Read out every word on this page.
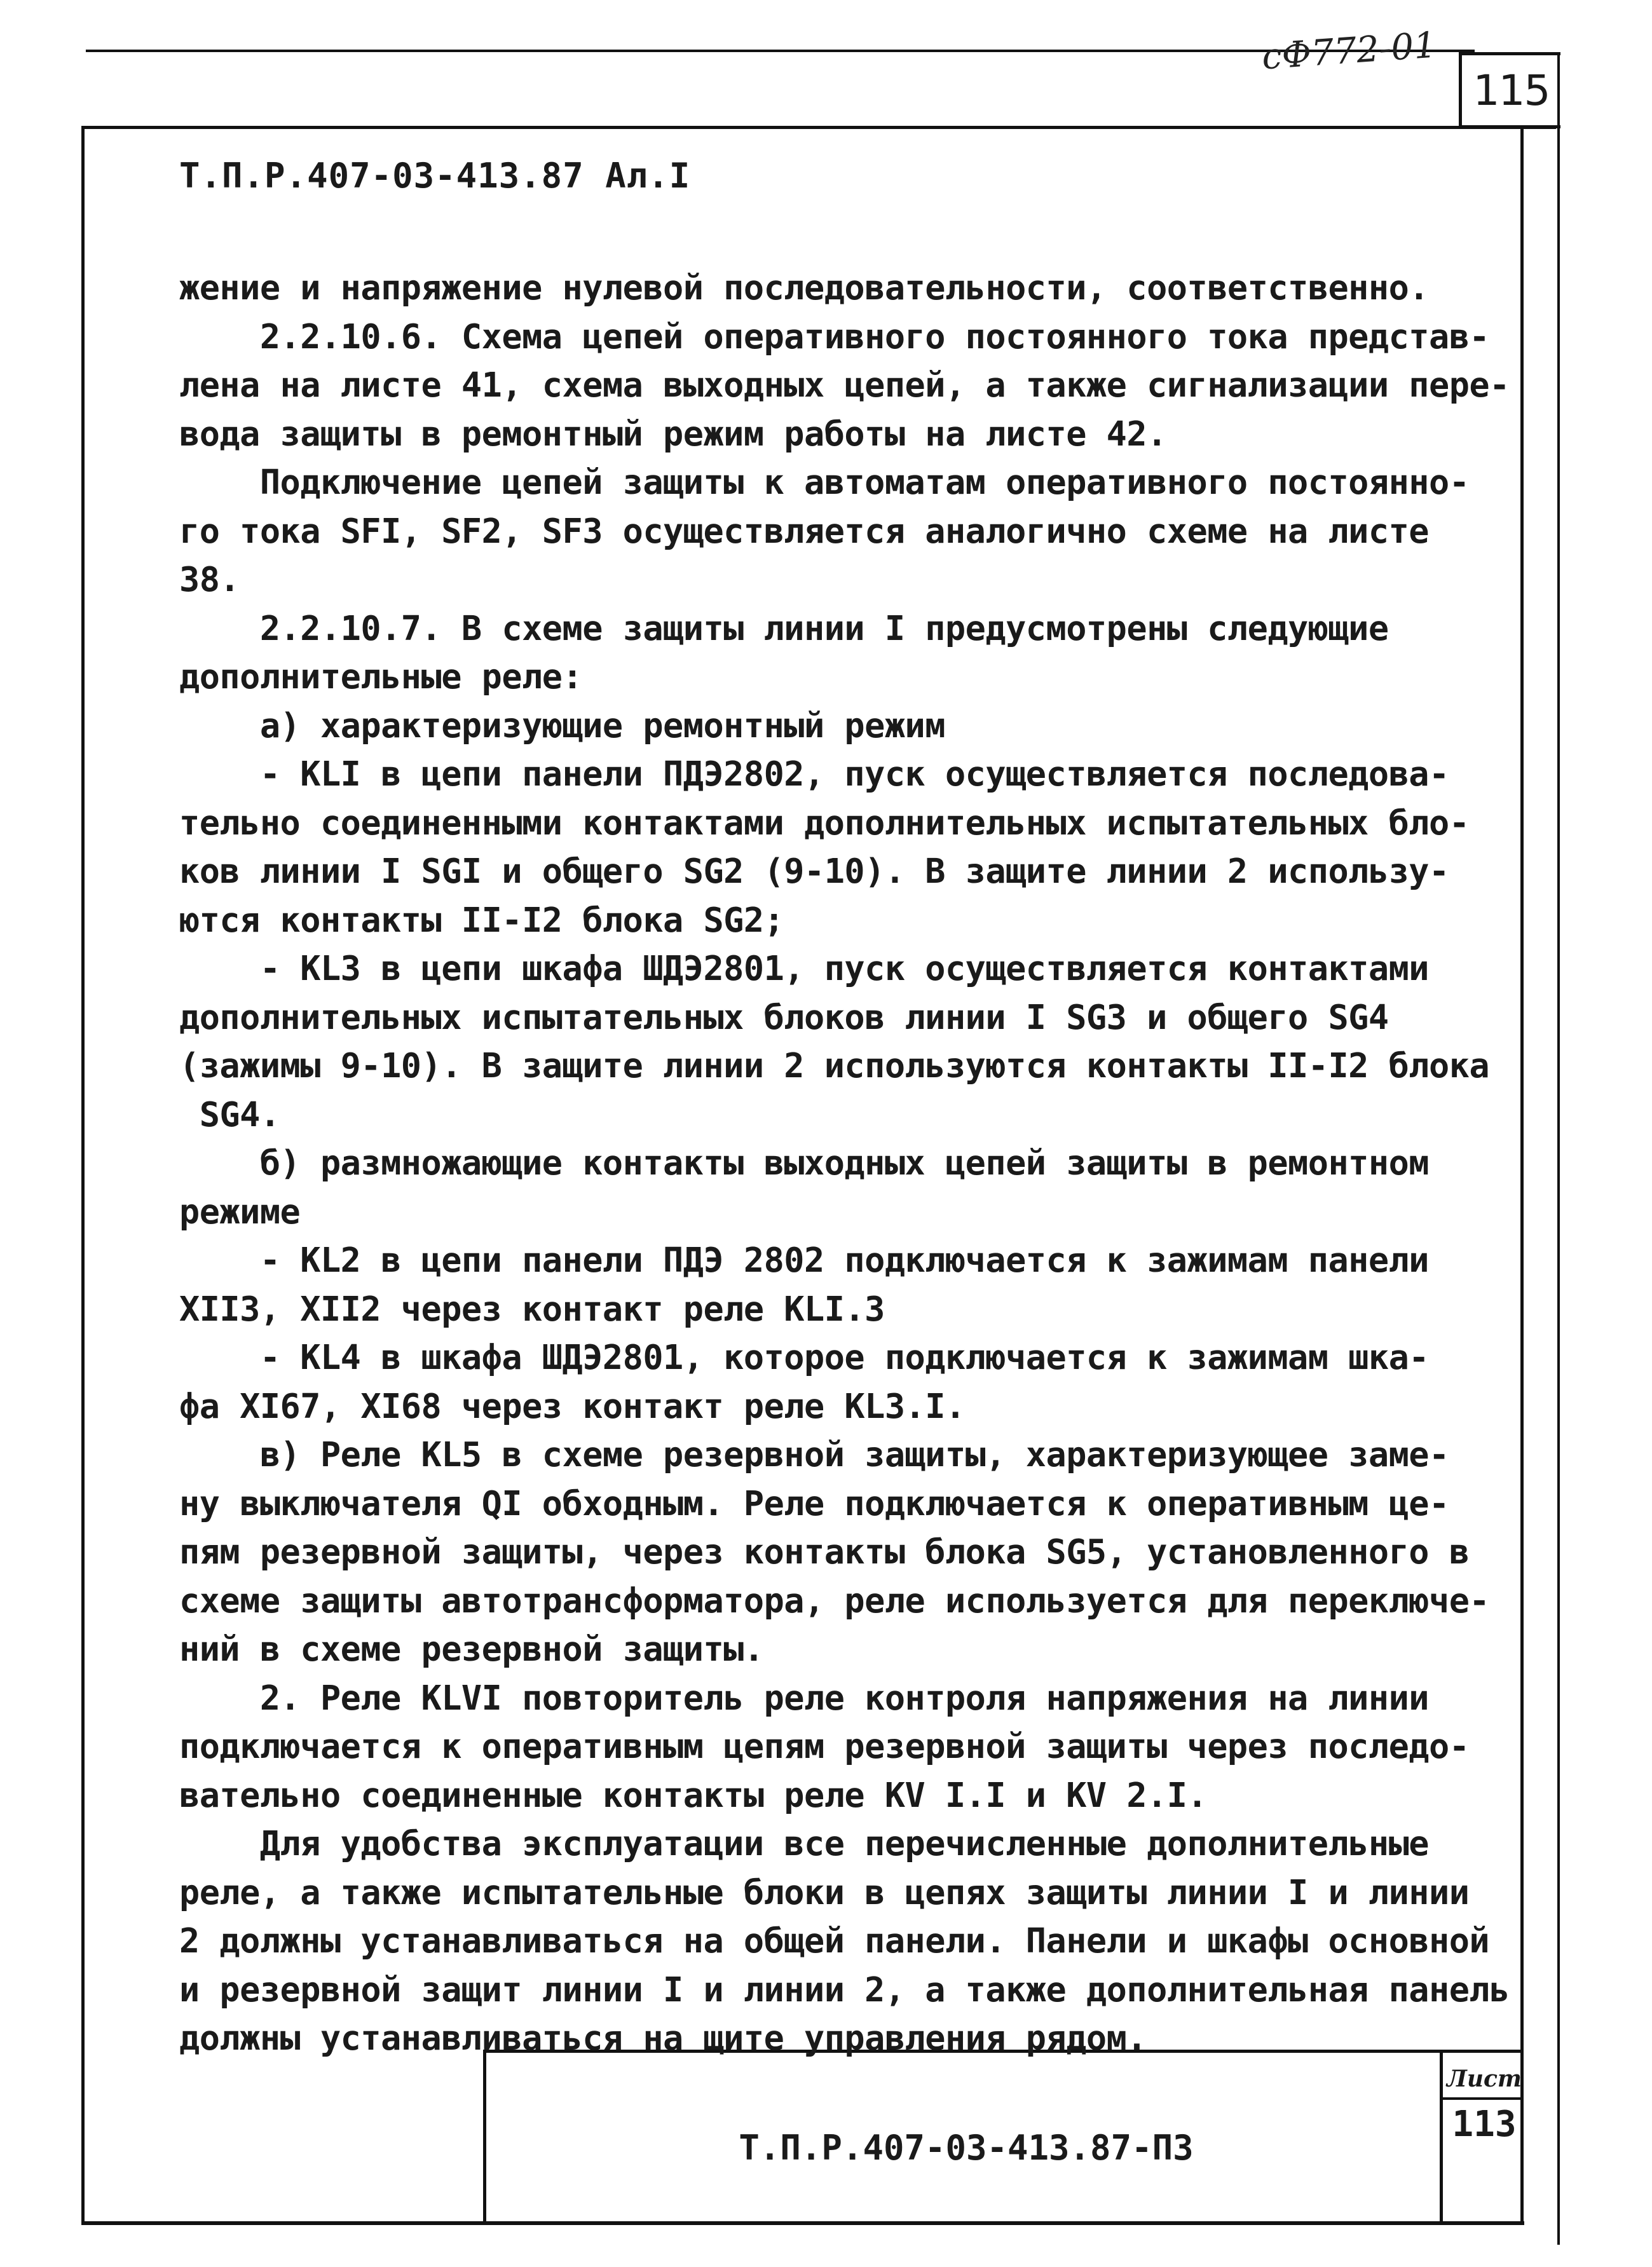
сФ772-01
115
Т.П.Р.407-03-413.87 Ал.I
жение и напряжение нулевой последовательности, соответственно.
2.2.10.6. Схема цепей оперативного постоянного тока представ-
лена на листе 41, схема выходных цепей, а также сигнализации пере-
вода защиты в ремонтный режим работы на листе 42.
Подключение цепей защиты к автоматам оперативного постоянно-
го тока SFI, SF2, SF3 осуществляется аналогично схеме на листе
38.
2.2.10.7. В схеме защиты линии I предусмотрены следующие
дополнительные реле:
а) характеризующие ремонтный режим
- KLI в цепи панели ПДЭ2802, пуск осуществляется последова-
тельно соединенными контактами дополнительных испытательных бло-
ков линии I SGI и общего SG2 (9-10). В защите линии 2 использу-
ются контакты II-I2 блока SG2;
- KL3 в цепи шкафа ШДЭ2801, пуск осуществляется контактами
дополнительных испытательных блоков линии I SG3 и общего SG4
(зажимы 9-10). В защите линии 2 используются контакты II-I2 блока
SG4.
б) размножающие контакты выходных цепей защиты в ремонтном
режиме
- KL2 в цепи панели ПДЭ 2802 подключается к зажимам панели
XII3, XII2 через контакт реле KLI.3
- KL4 в шкафа ШДЭ2801, которое подключается к зажимам шка-
фа XI67, XI68 через контакт реле KL3.I.
в) Реле KL5 в схеме резервной защиты, характеризующее заме-
ну выключателя QI обходным. Реле подключается к оперативным це-
пям резервной защиты, через контакты блока SG5, установленного в
схеме защиты автотрансформатора, реле используется для переключе-
ний в схеме резервной защиты.
2. Реле KLVI повторитель реле контроля напряжения на линии
подключается к оперативным цепям резервной защиты через последо-
вательно соединенные контакты реле KV I.I и KV 2.I.
Для удобства эксплуатации все перечисленные дополнительные
реле, а также испытательные блоки в цепях защиты линии I и линии
2 должны устанавливаться на общей панели. Панели и шкафы основной
и резервной защит линии I и линии 2, а также дополнительная панель
должны устанавливаться на щите управления рядом.
Т.П.Р.407-03-413.87-ПЗ
Лист
113
